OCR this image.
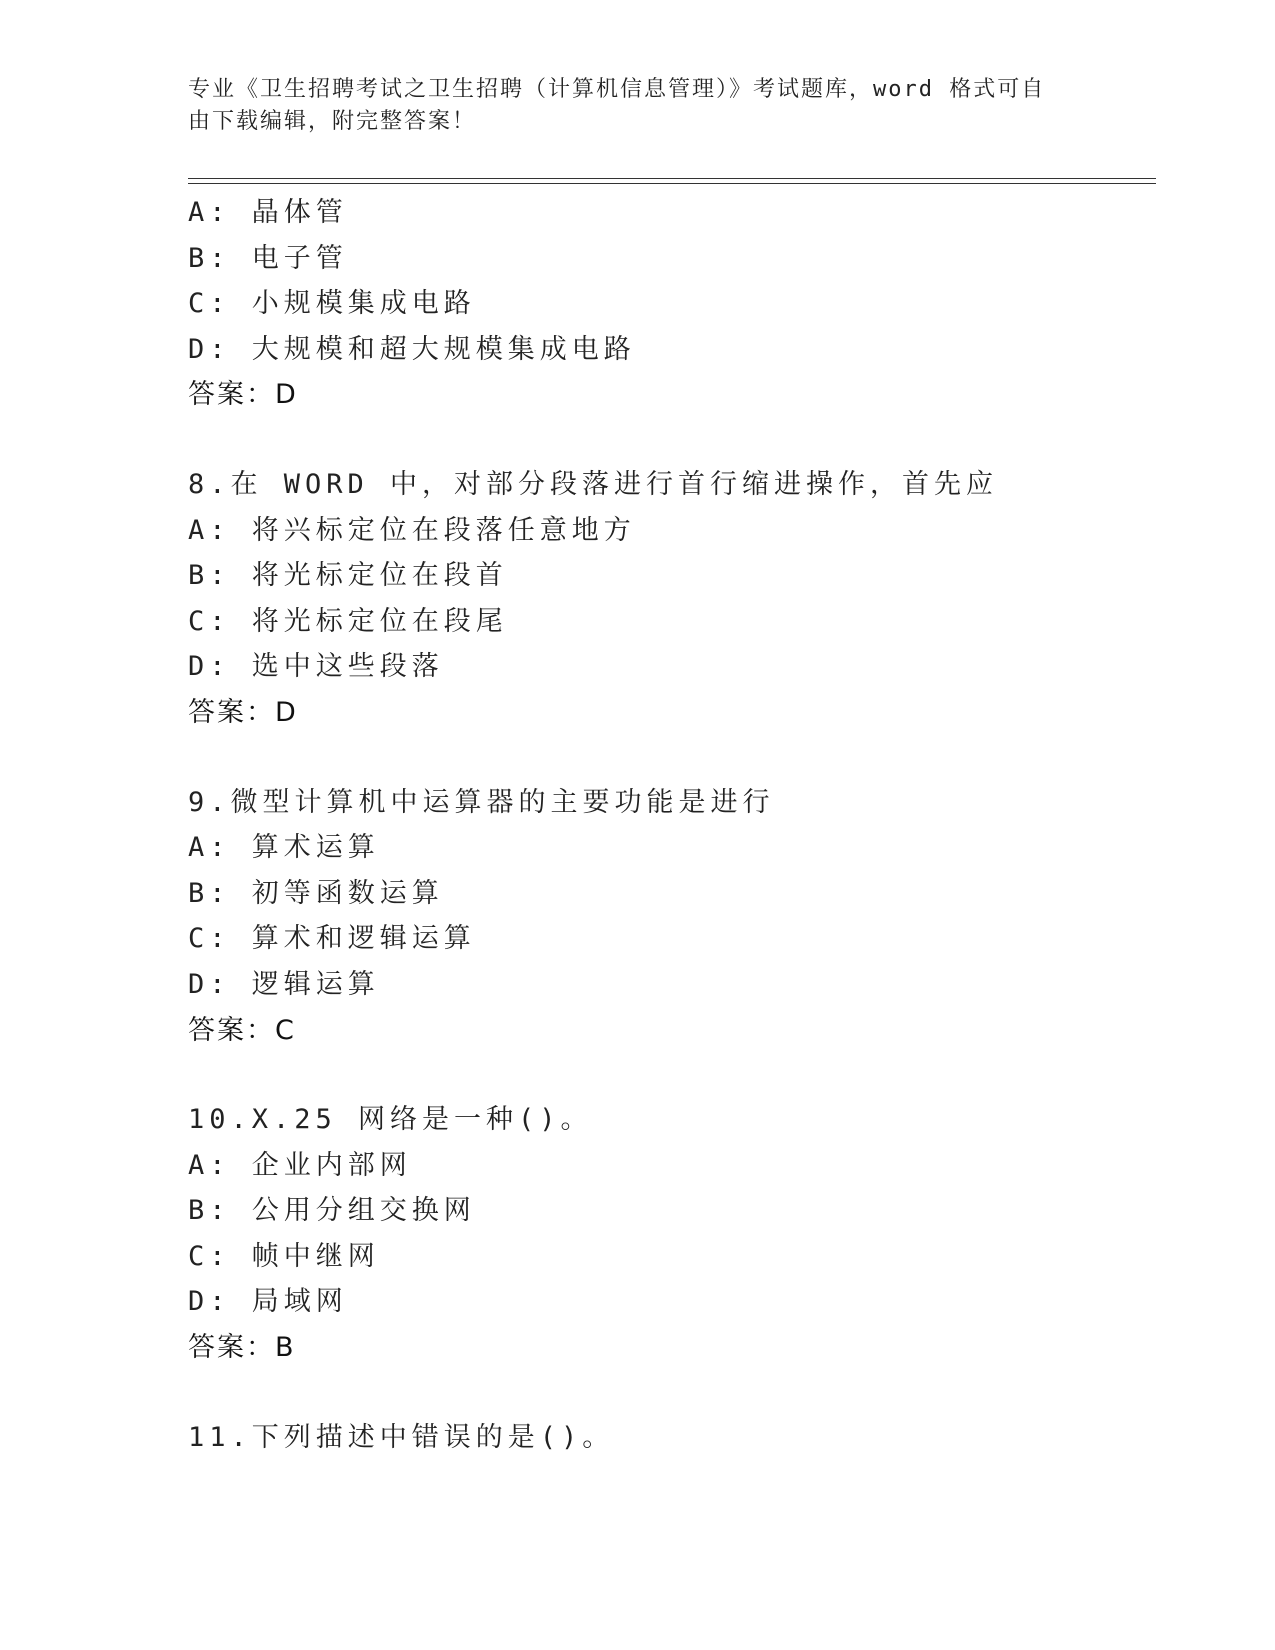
专业《卫生招聘考试之卫生招聘（计算机信息管理）》考试题库，word 格式可自
由下载编辑，附完整答案！
A: 晶体管
B: 电子管
C: 小规模集成电路
D: 大规模和超大规模集成电路
答案：D
8.在 WORD 中，对部分段落进行首行缩进操作，首先应
A: 将兴标定位在段落任意地方
B: 将光标定位在段首
C: 将光标定位在段尾
D: 选中这些段落
答案：D
9.微型计算机中运算器的主要功能是进行
A: 算术运算
B: 初等函数运算
C: 算术和逻辑运算
D: 逻辑运算
答案：C
10.X.25 网络是一种()。
A: 企业内部网
B: 公用分组交换网
C: 帧中继网
D: 局域网
答案：B
11.下列描述中错误的是()。
